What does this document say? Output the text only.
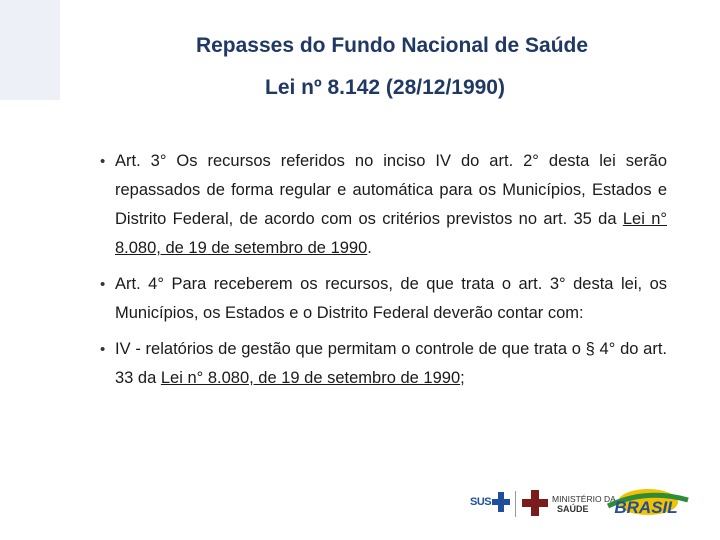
Repasses do Fundo Nacional de Saúde
Lei nº 8.142 (28/12/1990)
• Art. 3° Os recursos referidos no inciso IV do art. 2° desta lei serão repassados de forma regular e automática para os Municípios, Estados e Distrito Federal, de acordo com os critérios previstos no art. 35 da Lei n° 8.080, de 19 de setembro de 1990.
• Art. 4° Para receberem os recursos, de que trata o art. 3° desta lei, os Municípios, os Estados e o Distrito Federal deverão contar com:
• IV - relatórios de gestão que permitam o controle de que trata o § 4° do art. 33 da Lei n° 8.080, de 19 de setembro de 1990;
SUS	MINISTÉRIO DA
SAÚDE BRASIL
